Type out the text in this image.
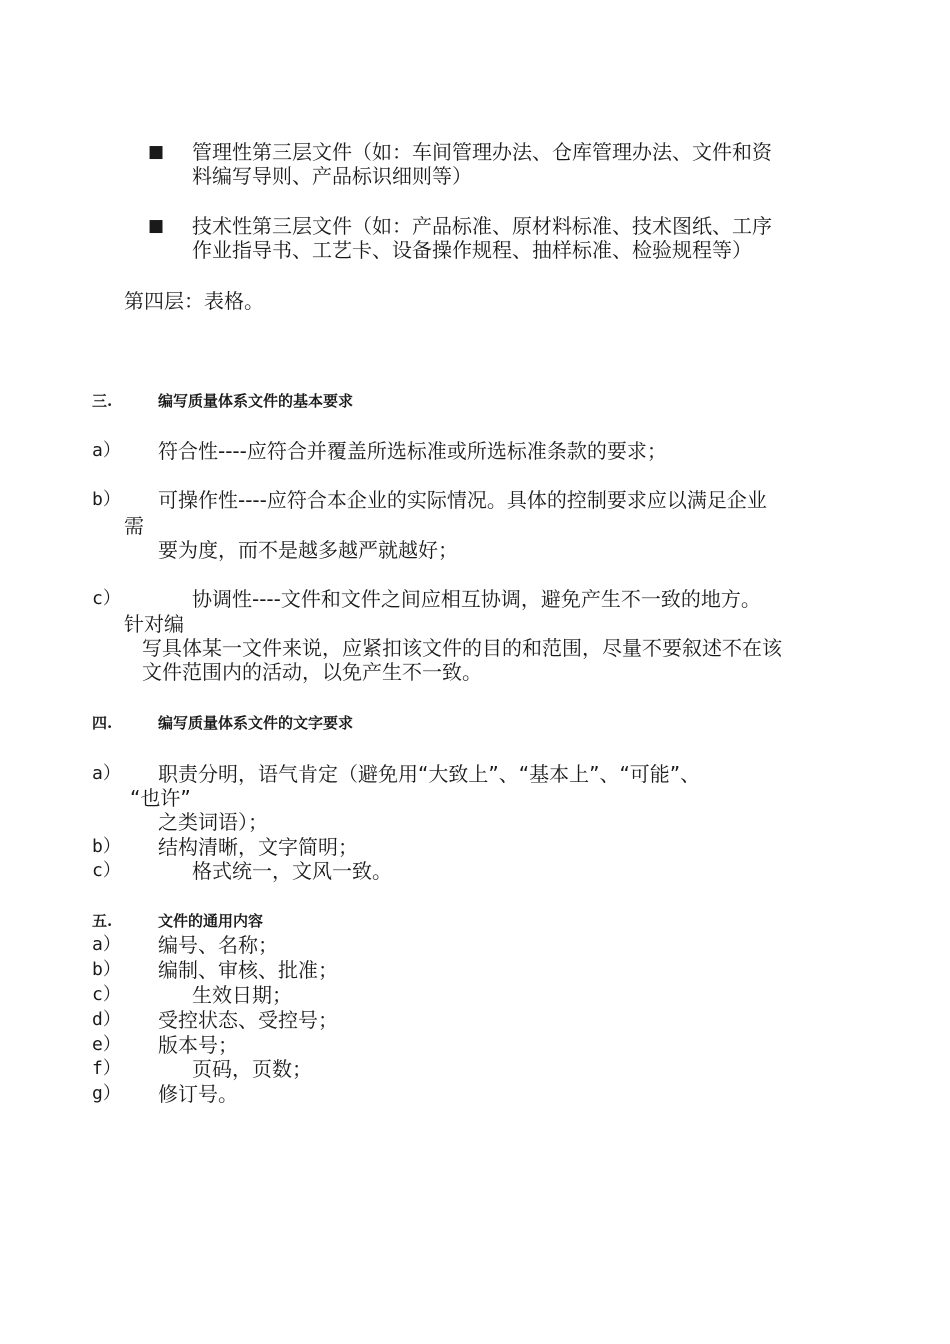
■ 管理性第三层文件（如：车间管理办法、仓库管理办法、文件和资
料编写导则、产品标识细则等）
■ 技术性第三层文件（如：产品标准、原材料标准、技术图纸、工序
作业指导书、工艺卡、设备操作规程、抽样标准、检验规程等）
第四层：表格。
三.	编写质量体系文件的基本要求
a） 符合性----应符合并覆盖所选标准或所选标准条款的要求；
b） 可操作性----应符合本企业的实际情况。具体的控制要求应以满足企业
需
要为度，而不是越多越严就越好；
c）	协调性----文件和文件之间应相互协调，避免产生不一致的地方。
针对编
写具体某一文件来说，应紧扣该文件的目的和范围，尽量不要叙述不在该
文件范围内的活动，以免产生不一致。
四.	编写质量体系文件的文字要求
a） 职责分明，语气肯定（避免用“大致上”、“基本上”、“可能”、
“也许”
之类词语）；
b） 结构清晰，文字简明；
c）	格式统一，文风一致。
五.	文件的通用内容
a） 编号、名称；
b） 编制、审核、批准；
c）	生效日期；
d） 受控状态、受控号；
e） 版本号；
f）	页码，页数；
g） 修订号。
